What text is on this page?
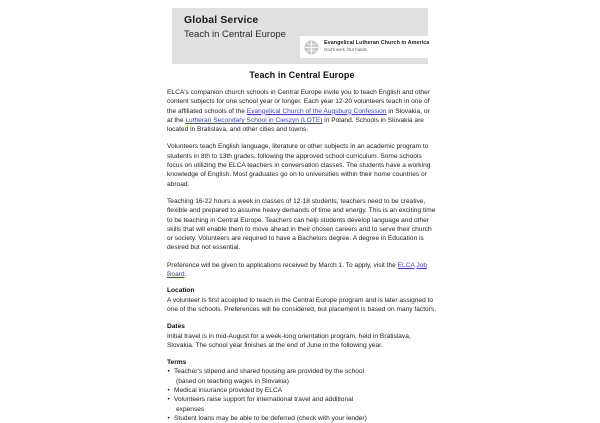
Global Service
Teach in Central Europe
Evangelical Lutheran Church in America
God's work. Our hands.
Teach in Central Europe

ELCA's companion church schools in Central Europe invite you to teach English and other content subjects for one school year or longer. Each year 12-20 volunteers teach in one of the affiliated schools of the Evangelical Church of the Augsburg Confession in Slovakia, or at the Lutheran Secondary School in Cieszyn (LOTE) in Poland. Schools in Slovakia are located in Bratislava, and other cities and towns.

Volunteers teach English language, literature or other subjects in an academic program to students in 8th to 13th grades, following the approved school curriculum. Some schools focus on utilizing the ELCA teachers in conversation classes. The students have a working knowledge of English. Most graduates go on to universities within their home countries or abroad.

Teaching 16-22 hours a week in classes of 12-18 students, teachers need to be creative, flexible and prepared to assume heavy demands of time and energy. This is an exciting time to be teaching in Central Europe. Teachers can help students develop language and other skills that will enable them to move ahead in their chosen careers and to serve their church or society. Volunteers are required to have a Bachelors degree. A degree in Education is desired but not essential.

Preference will be given to applications received by March 1. To apply, visit the ELCA Job Board.

Location
A volunteer is first accepted to teach in the Central Europe program and is later assigned to one of the schools. Preferences will be considered, but placement is based on many factors.
Dates
Initial travel is in mid-August for a week-long orientation program, held in Bratislava, Slovakia. The school year finishes at the end of June in the following year.
Terms
• Teacher's stipend and shared housing are provided by the school
(based on teaching wages in Slovakia)
• Medical insurance provided by ELCA
• Volunteers raise support for international travel and additional
expenses
• Student loans may be able to be deferred (check with your lender)
